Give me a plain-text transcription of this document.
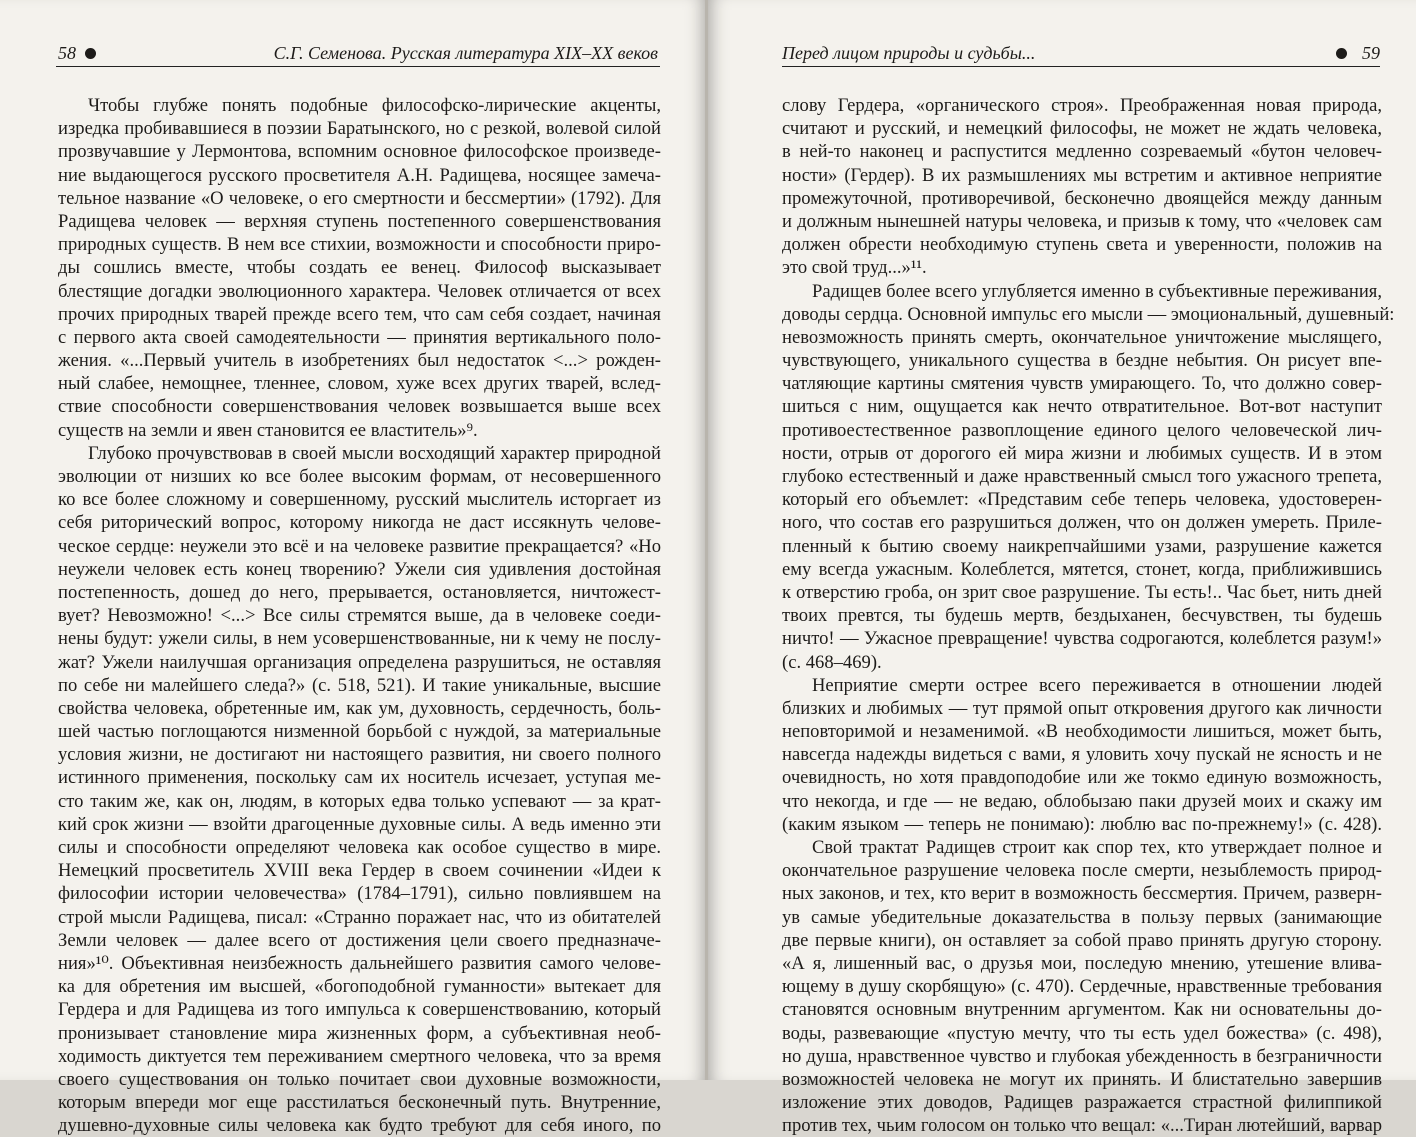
58	С.Г. Семенова. Русская литература XIX–XX веков
Чтобы глубже понять подобные философско-лирические акценты,
изредка пробивавшиеся в поэзии Баратынского, но с резкой, волевой силой
прозвучавшие у Лермонтова, вспомним основное философское произведе-
ние выдающегося русского просветителя А.Н. Радищева, носящее замеча-
тельное название «О человеке, о его смертности и бессмертии» (1792). Для
Радищева человек — верхняя ступень постепенного совершенствования
природных существ. В нем все стихии, возможности и способности приро-
ды сошлись вместе, чтобы создать ее венец. Философ высказывает
блестящие догадки эволюционного характера. Человек отличается от всех
прочих природных тварей прежде всего тем, что сам себя создает, начиная
с первого акта своей самодеятельности — принятия вертикального поло-
жения. «...Первый учитель в изобретениях был недостаток <...> рожден-
ный слабее, немощнее, тленнее, словом, хуже всех других тварей, вслед-
ствие способности совершенствования человек возвышается выше всех
существ на земли и явен становится ее властитель»⁹.
Глубоко прочувствовав в своей мысли восходящий характер природной
эволюции от низших ко все более высоким формам, от несовершенного
ко все более сложному и совершенному, русский мыслитель исторгает из
себя риторический вопрос, которому никогда не даст иссякнуть челове-
ческое сердце: неужели это всё и на человеке развитие прекращается? «Но
неужели человек есть конец творению? Ужели сия удивления достойная
постепенность, дошед до него, прерывается, остановляется, ничтожест-
вует? Невозможно! <...> Все силы стремятся выше, да в человеке соеди-
нены будут: ужели силы, в нем усовершенствованные, ни к чему не послу-
жат? Ужели наилучшая организация определена разрушиться, не оставляя
по себе ни малейшего следа?» (с. 518, 521). И такие уникальные, высшие
свойства человека, обретенные им, как ум, духовность, сердечность, боль-
шей частью поглощаются низменной борьбой с нуждой, за материальные
условия жизни, не достигают ни настоящего развития, ни своего полного
истинного применения, поскольку сам их носитель исчезает, уступая ме-
сто таким же, как он, людям, в которых едва только успевают — за крат-
кий срок жизни — взойти драгоценные духовные силы. А ведь именно эти
силы и способности определяют человека как особое существо в мире.
Немецкий просветитель XVIII века Гердер в своем сочинении «Идеи к
философии истории человечества» (1784–1791), сильно повлиявшем на
строй мысли Радищева, писал: «Странно поражает нас, что из обитателей
Земли человек — далее всего от достижения цели своего предназначе-
ния»¹⁰. Объективная неизбежность дальнейшего развития самого челове-
ка для обретения им высшей, «богоподобной гуманности» вытекает для
Гердера и для Радищева из того импульса к совершенствованию, который
пронизывает становление мира жизненных форм, а субъективная необ-
ходимость диктуется тем переживанием смертного человека, что за время
своего существования он только почитает свои духовные возможности,
которым впереди мог еще расстилаться бесконечный путь. Внутренние,
душевно-духовные силы человека как будто требуют для себя иного, по
Перед лицом природы и судьбы...	59
слову Гердера, «органического строя». Преображенная новая природа,
считают и русский, и немецкий философы, не может не ждать человека,
в ней-то наконец и распустится медленно созреваемый «бутон человеч-
ности» (Гердер). В их размышлениях мы встретим и активное неприятие
промежуточной, противоречивой, бесконечно двоящейся между данным
и должным нынешней натуры человека, и призыв к тому, что «человек сам
должен обрести необходимую ступень света и уверенности, положив на
это свой труд...»¹¹.
Радищев более всего углубляется именно в субъективные переживания,
доводы сердца. Основной импульс его мысли — эмоциональный, душевный:
невозможность принять смерть, окончательное уничтожение мыслящего,
чувствующего, уникального существа в бездне небытия. Он рисует впе-
чатляющие картины смятения чувств умирающего. То, что должно совер-
шиться с ним, ощущается как нечто отвратительное. Вот-вот наступит
противоестественное развоплощение единого целого человеческой лич-
ности, отрыв от дорогого ей мира жизни и любимых существ. И в этом
глубоко естественный и даже нравственный смысл того ужасного трепета,
который его объемлет: «Представим себе теперь человека, удостоверен-
ного, что состав его разрушиться должен, что он должен умереть. Прилe-
пленный к бытию своему наикрепчайшими узами, разрушение кажется
ему всегда ужасным. Колеблется, мятется, стонет, когда, приближившись
к отверстию гроба, он зрит свое разрушение. Ты есть!.. Час бьет, нить дней
твоих превтся, ты будешь мертв, бездыханен, бесчувствен, ты будешь
ничто! — Ужасное превращение! чувства содрогаются, колеблется разум!»
(с. 468–469).
Неприятие смерти острее всего переживается в отношении людей
близких и любимых — тут прямой опыт откровения другого как личности
неповторимой и незаменимой. «В необходимости лишиться, может быть,
навсегда надежды видеться с вами, я уловить хочу пускай не ясность и не
очевидность, но хотя правдоподобие или же токмо единую возможность,
что некогда, и где — не ведаю, облобызаю паки друзей моих и скажу им
(каким языком — теперь не понимаю): люблю вас по-прежнему!» (с. 428).
Свой трактат Радищев строит как спор тех, кто утверждает полное и
окончательное разрушение человека после смерти, незыблемость природ-
ных законов, и тех, кто верит в возможность бессмертия. Причем, разверн-
ув самые убедительные доказательства в пользу первых (занимающие
две первые книги), он оставляет за собой право принять другую сторону.
«А я, лишенный вас, о друзья мои, последую мнению, утешение влива-
ющему в душу скорбящую» (с. 470). Сердечные, нравственные требования
становятся основным внутренним аргументом. Как ни основательны до-
воды, развевающие «пустую мечту, что ты есть удел божества» (с. 498),
но душа, нравственное чувство и глубокая убежденность в безграничности
возможностей человека не могут их принять. И блистательно завершив
изложение этих доводов, Радищев разражается страстной филиппикой
против тех, чьим голосом он только что вещал: «...Тиран лютейший, варвар
